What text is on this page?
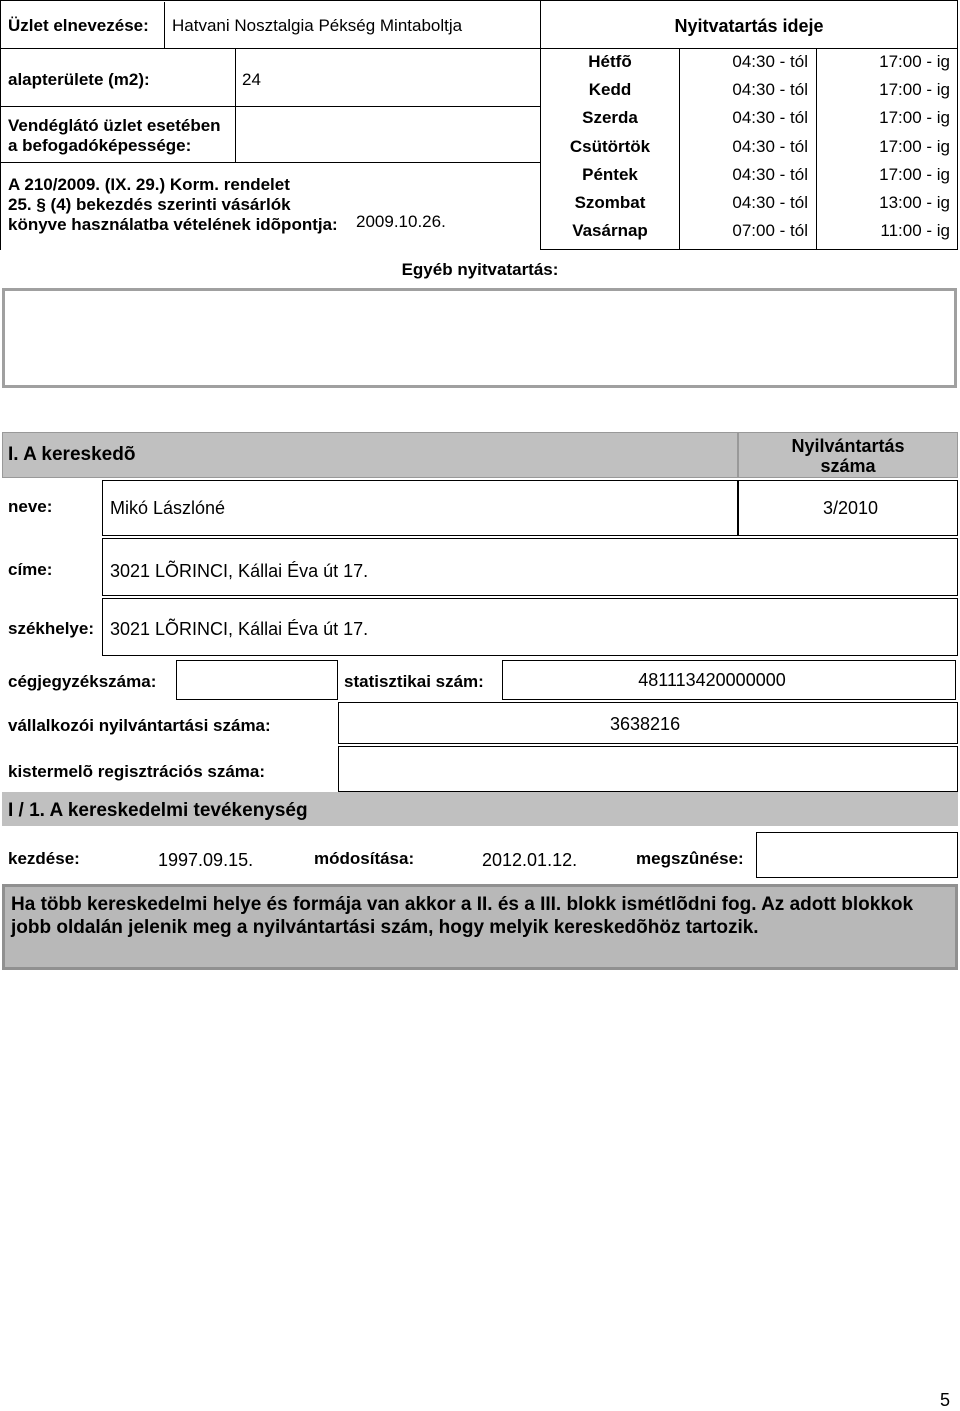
Üzlet elnevezése: Hatvani Nosztalgia Pékség Mintaboltja
alapterülete (m2):	24
Vendéglátó üzlet esetében
a befogadóképessége:
A 210/2009. (IX. 29.) Korm. rendelet
25. § (4) bekezdés szerinti vásárlók
könyve használatba vételének idõpontja: 2009.10.26.
Nyitvatartás ideje
Hétfõ	04:30 - tól	17:00 - ig
Kedd	04:30 - tól	17:00 - ig
Szerda	04:30 - tól	17:00 - ig
Csütörtök	04:30 - tól	17:00 - ig
Péntek	04:30 - tól	17:00 - ig
Szombat	04:30 - tól	13:00 - ig
Vasárnap	07:00 - tól	11:00 - ig
Egyéb nyitvatartás:
I. A kereskedõ	Nyilvántartás
száma
neve:	Mikó Lászlóné	3/2010
címe:	3021 LÕRINCI, Kállai Éva út 17.
székhelye: 3021 LÕRINCI, Kállai Éva út 17.
cégjegyzékszáma:	statisztikai szám:	481113420000000
vállalkozói nyilvántartási száma:	3638216
kistermelõ regisztrációs száma:
I / 1. A kereskedelmi tevékenység
kezdése:	1997.09.15.	módosítása:	2012.01.12.	megszûnése:
Ha több kereskedelmi helye és formája van akkor a II. és a III. blokk ismétlõdni fog. Az adott blokkok jobb oldalán jelenik meg a nyilvántartási szám, hogy melyik kereskedõhöz tartozik.
5
